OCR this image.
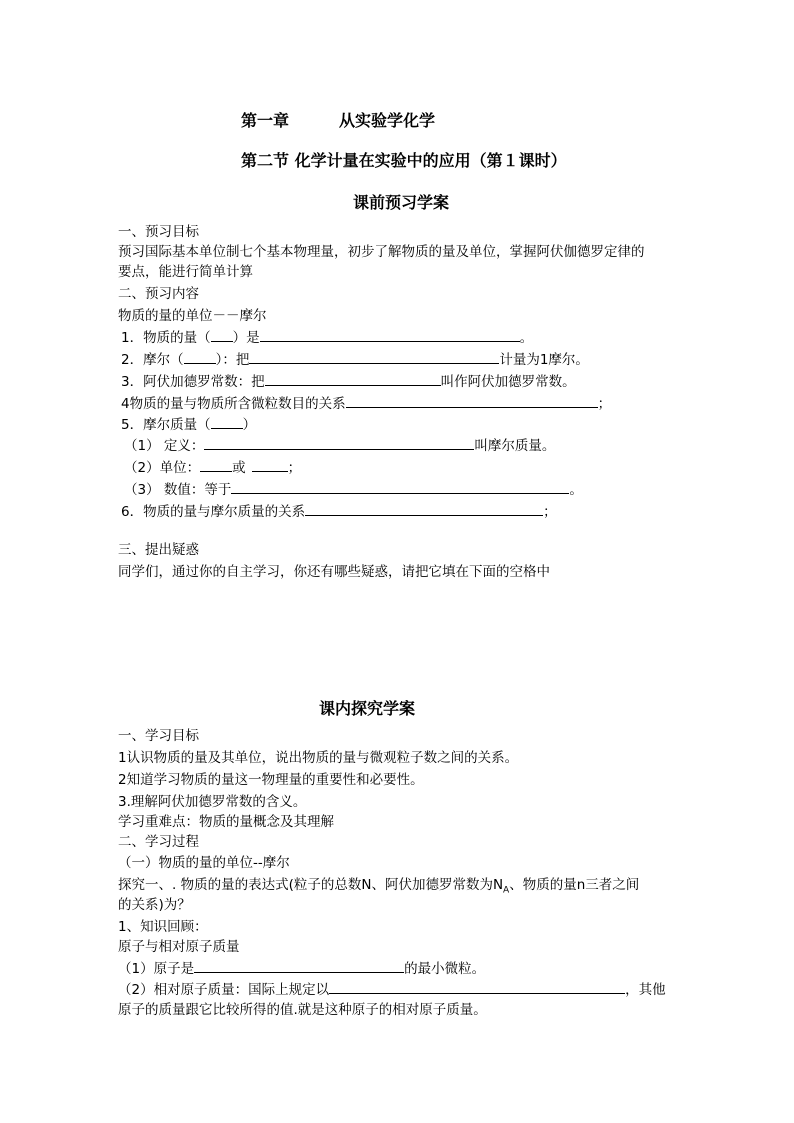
第一章	从实验学化学
第二节 化学计量在实验中的应用（第１课时）
课前预习学案
一、预习目标
预习国际基本单位制七个基本物理量，初步了解物质的量及单位，掌握阿伏伽德罗定律的
要点，能进行简单计算
二、预习内容
物质的量的单位－－摩尔
1．物质的量（ ）是	。
2．摩尔（ ）：把	计量为1摩尔。
3．阿伏加德罗常数：把	叫作阿伏加德罗常数。
4物质的量与物质所含微粒数目的关系	；
5．摩尔质量（ ）
（1） 定义：	叫摩尔质量。
（2）单位： 或	；
（3） 数值：等于	。
6．物质的量与摩尔质量的关系	；
三、提出疑惑
同学们，通过你的自主学习，你还有哪些疑惑，请把它填在下面的空格中
课内探究学案
一、学习目标
1认识物质的量及其单位，说出物质的量与微观粒子数之间的关系。
2知道学习物质的量这一物理量的重要性和必要性。
3.理解阿伏加德罗常数的含义。
学习重难点：物质的量概念及其理解
二、学习过程
（一）物质的量的单位--摩尔
探究一、. 物质的量的表达式(粒子的总数N、阿伏加德罗常数为$N_A$、物质的量n三者之间
的关系)为？
1、知识回顾：
原子与相对原子质量
（1）原子是	的最小微粒。
（2）相对原子质量：国际上规定以	，其他
原子的质量跟它比较所得的值.就是这种原子的相对原子质量。
